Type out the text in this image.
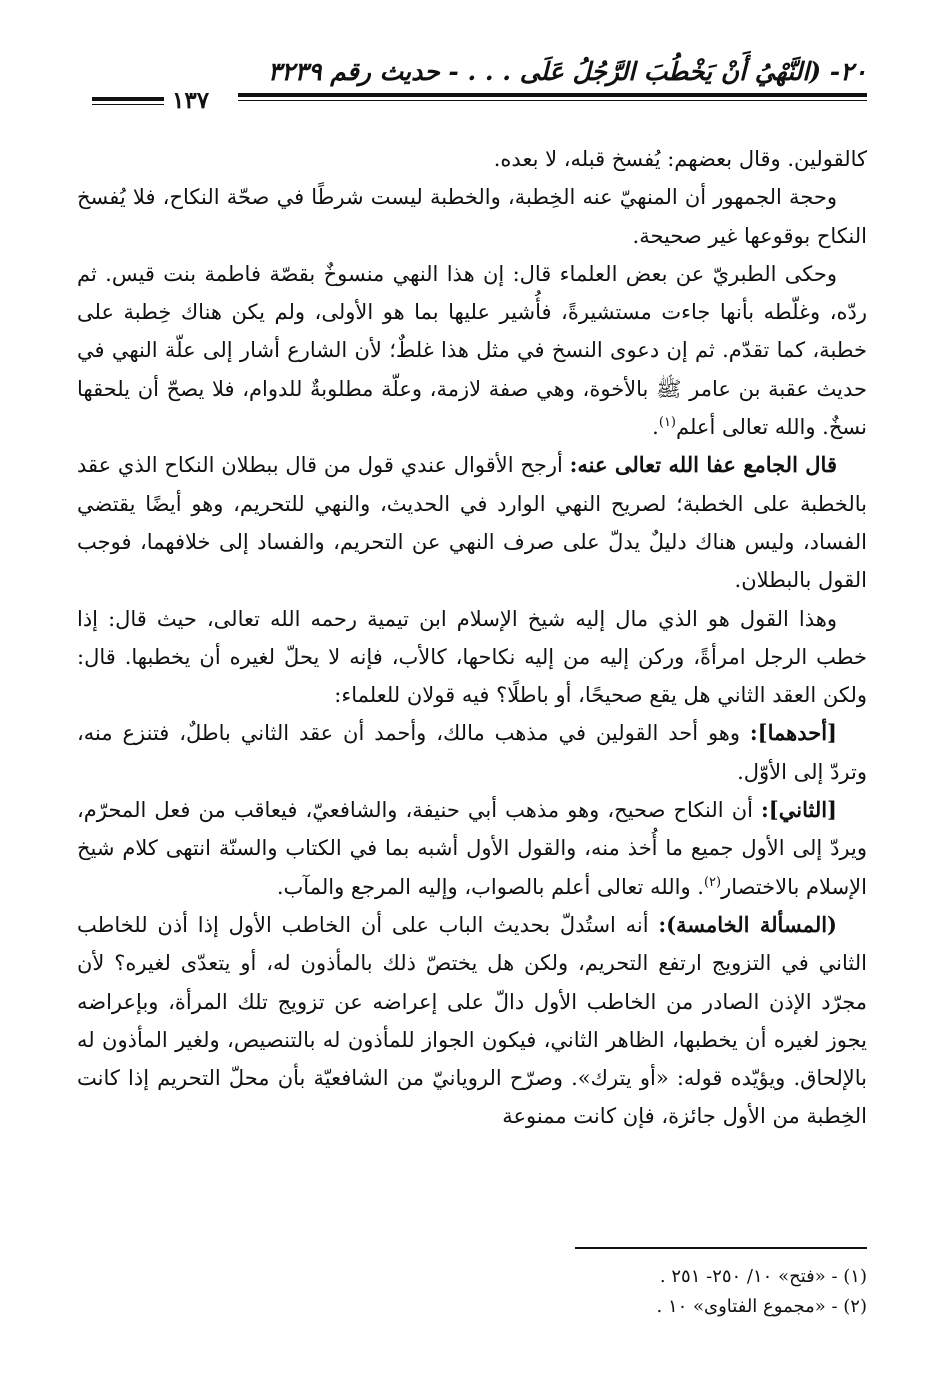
٢٠- (النَّهْيُ أَنْ يَخْطُبَ الرَّجُلُ عَلَى . . . - حديث رقم ٣٢٣٩
١٣٧

كالقولين. وقال بعضهم: يُفسخ قبله، لا بعده.

وحجة الجمهور أن المنهيّ عنه الخِطبة، والخطبة ليست شرطًا في صحّة النكاح، فلا يُفسخ النكاح بوقوعها غير صحيحة.

وحكى الطبريّ عن بعض العلماء قال: إن هذا النهي منسوخٌ بقصّة فاطمة بنت قيس. ثم ردّه، وغلّطه بأنها جاءت مستشيرةً، فأُشير عليها بما هو الأولى، ولم يكن هناك خِطبة على خطبة، كما تقدّم. ثم إن دعوى النسخ في مثل هذا غلطٌ؛ لأن الشارع أشار إلى علّة النهي في حديث عقبة بن عامر ﷺ بالأخوة، وهي صفة لازمة، وعلّة مطلوبةٌ للدوام، فلا يصحّ أن يلحقها نسخٌ. والله تعالى أعلم$^{(١)}$.

قال الجامع عفا الله تعالى عنه: أرجح الأقوال عندي قول من قال ببطلان النكاح الذي عقد بالخطبة على الخطبة؛ لصريح النهي الوارد في الحديث، والنهي للتحريم، وهو أيضًا يقتضي الفساد، وليس هناك دليلٌ يدلّ على صرف النهي عن التحريم، والفساد إلى خلافهما، فوجب القول بالبطلان.

وهذا القول هو الذي مال إليه شيخ الإسلام ابن تيمية رحمه الله تعالى، حيث قال: إذا خطب الرجل امرأةً، وركن إليه من إليه نكاحها، كالأب، فإنه لا يحلّ لغيره أن يخطبها. قال: ولكن العقد الثاني هل يقع صحيحًا، أو باطلًا؟ فيه قولان للعلماء:

[أحدهما]: وهو أحد القولين في مذهب مالك، وأحمد أن عقد الثاني باطلٌ، فتنزع منه، وتردّ إلى الأوّل.

[الثاني]: أن النكاح صحيح، وهو مذهب أبي حنيفة، والشافعيّ، فيعاقب من فعل المحرّم، ويردّ إلى الأول جميع ما أُخذ منه، والقول الأول أشبه بما في الكتاب والسنّة انتهى كلام شيخ الإسلام بالاختصار$^{(٢)}$. والله تعالى أعلم بالصواب، وإليه المرجع والمآب.

(المسألة الخامسة): أنه استُدلّ بحديث الباب على أن الخاطب الأول إذا أذن للخاطب الثاني في التزويج ارتفع التحريم، ولكن هل يختصّ ذلك بالمأذون له، أو يتعدّى لغيره؟ لأن مجرّد الإذن الصادر من الخاطب الأول دالّ على إعراضه عن تزويج تلك المرأة، وبإعراضه يجوز لغيره أن يخطبها، الظاهر الثاني، فيكون الجواز للمأذون له بالتنصيص، ولغير المأذون له بالإلحاق. ويؤيّده قوله: «أو يترك». وصرّح الرويانيّ من الشافعيّة بأن محلّ التحريم إذا كانت الخِطبة من الأول جائزة، فإن كانت ممنوعة

(١) - «فتح» ١٠/ ٢٥٠- ٢٥١ .

(٢) - «مجموع الفتاوى» ١٠ .
